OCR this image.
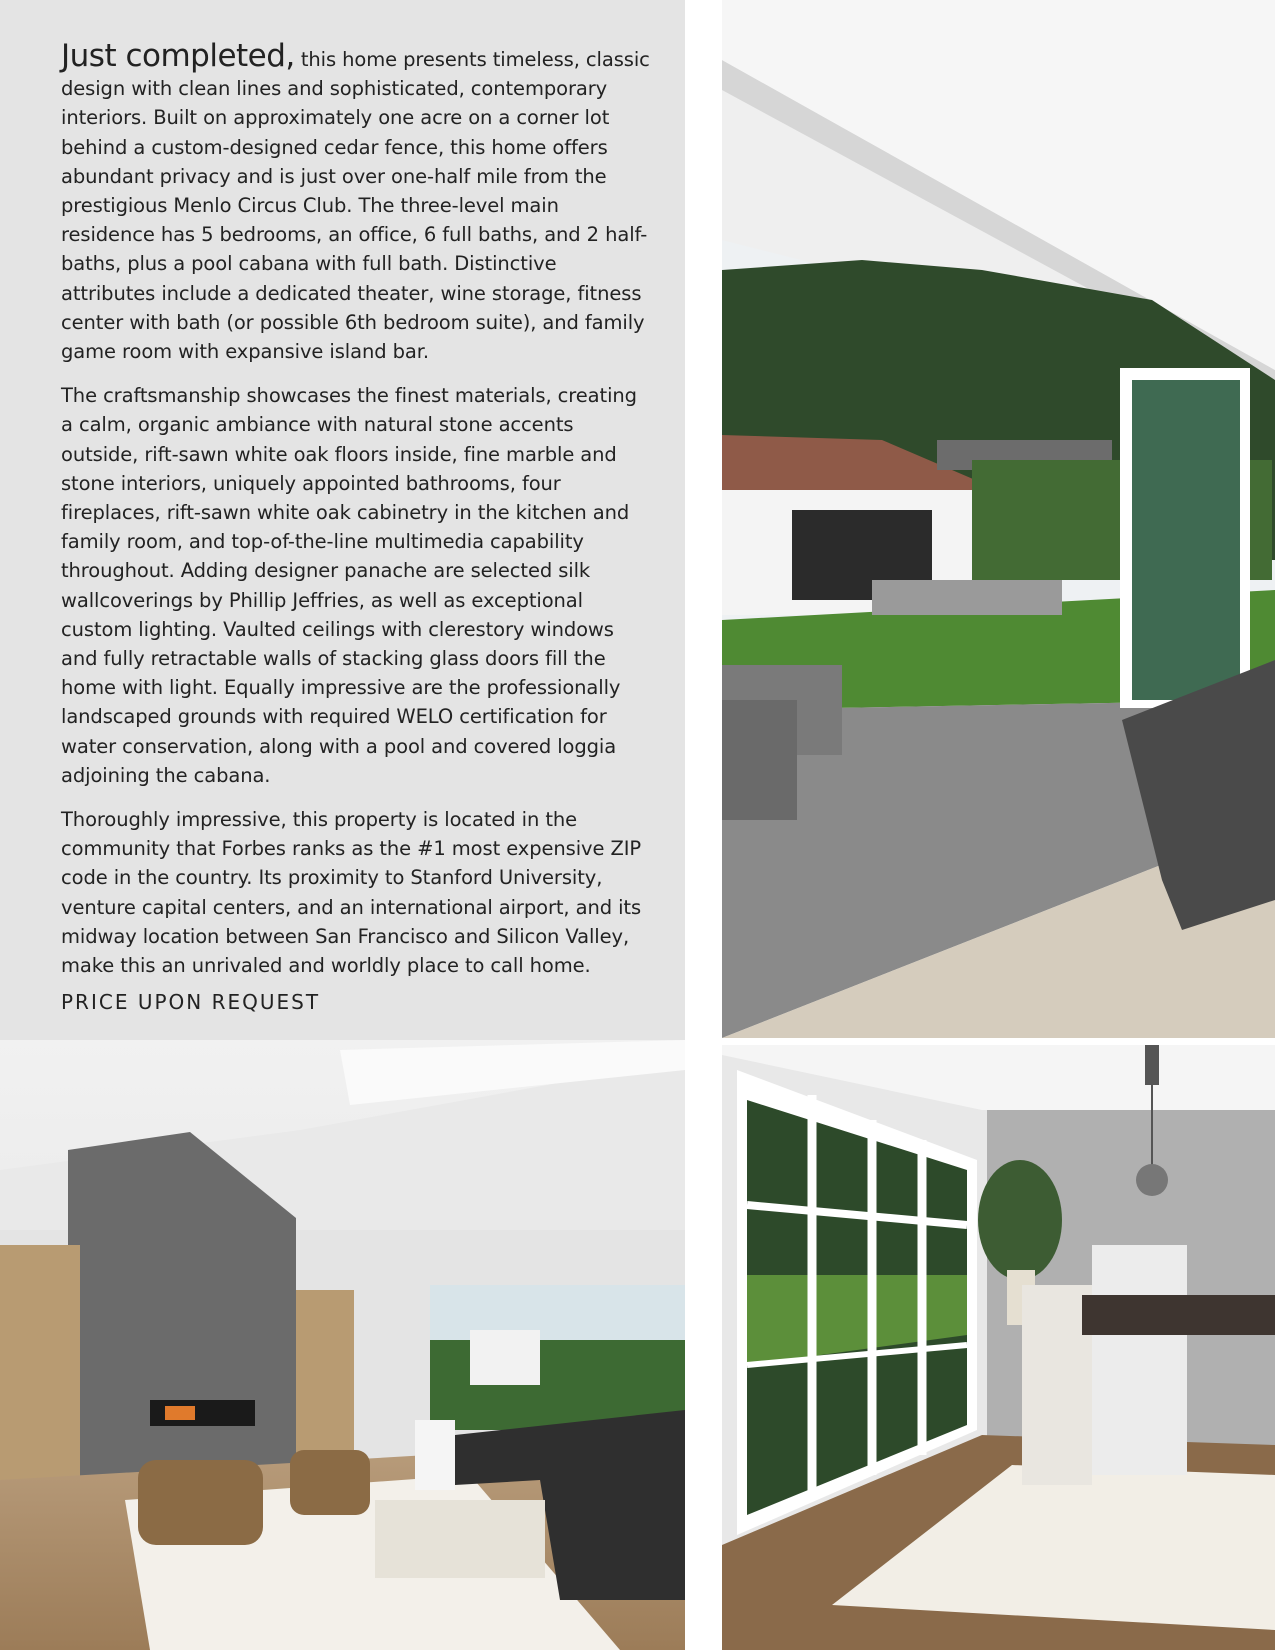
Just completed, this home presents timeless, classic design with clean lines and sophisticated, contemporary interiors. Built on approximately one acre on a corner lot behind a custom-designed cedar fence, this home offers abundant privacy and is just over one-half mile from the prestigious Menlo Circus Club. The three-level main residence has 5 bedrooms, an office, 6 full baths, and 2 half-baths, plus a pool cabana with full bath. Distinctive attributes include a dedicated theater, wine storage, fitness center with bath (or possible 6th bedroom suite), and family game room with expansive island bar.

The craftsmanship showcases the finest materials, creating a calm, organic ambiance with natural stone accents outside, rift-sawn white oak floors inside, fine marble and stone interiors, uniquely appointed bathrooms, four fireplaces, rift-sawn white oak cabinetry in the kitchen and family room, and top-of-the-line multimedia capability throughout. Adding designer panache are selected silk wallcoverings by Phillip Jeffries, as well as exceptional custom lighting. Vaulted ceilings with clerestory windows and fully retractable walls of stacking glass doors fill the home with light. Equally impressive are the professionally landscaped grounds with required WELO certification for water conservation, along with a pool and covered loggia adjoining the cabana.

Thoroughly impressive, this property is located in the community that Forbes ranks as the #1 most expensive ZIP code in the country. Its proximity to Stanford University, venture capital centers, and an international airport, and its midway location between San Francisco and Silicon Valley, make this an unrivaled and worldly place to call home.

PRICE UPON REQUEST
